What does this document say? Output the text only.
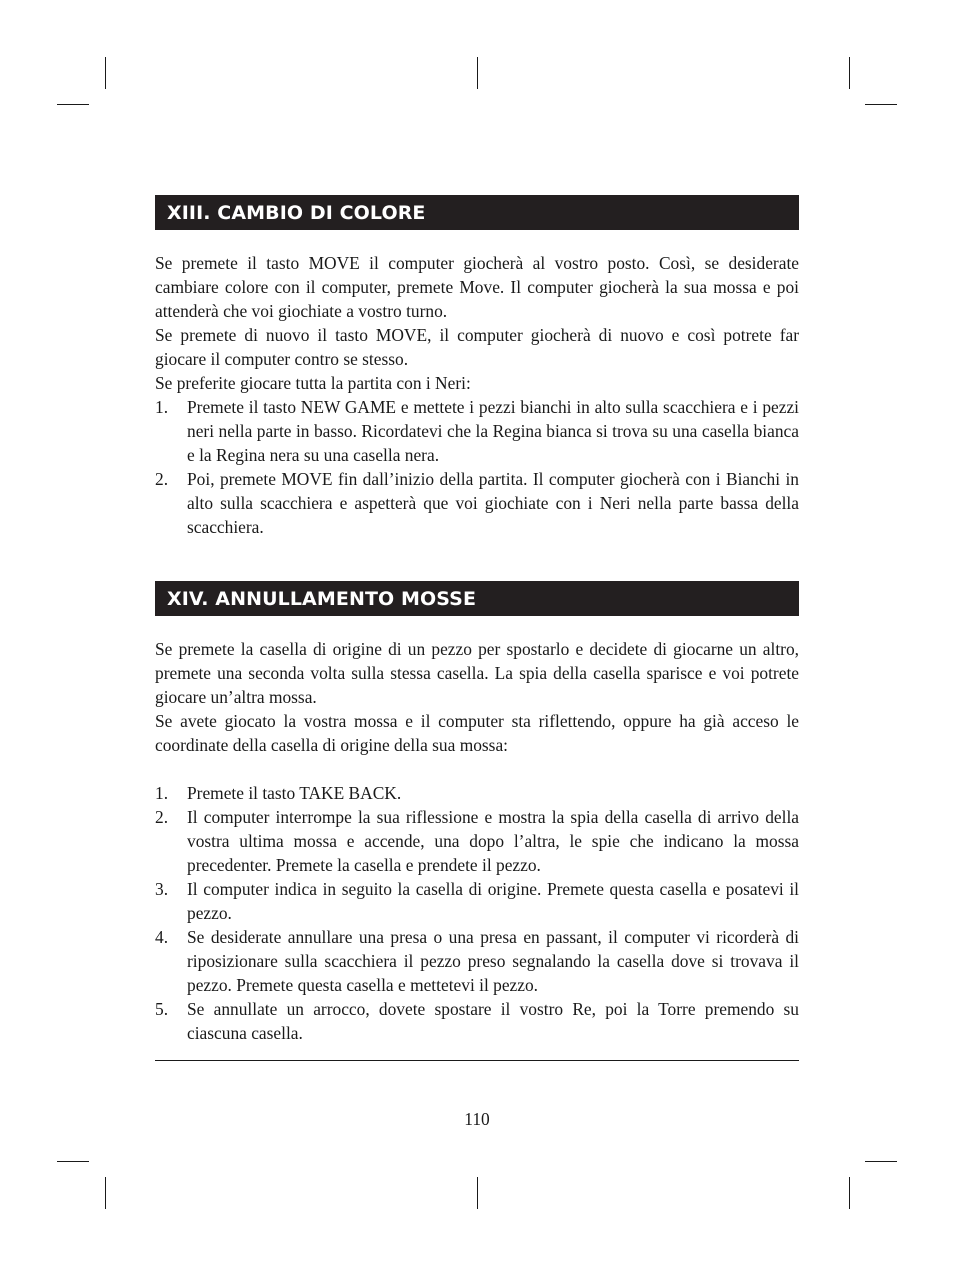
XIII. CAMBIO DI COLORE

Se premete il tasto MOVE il computer giocherà al vostro posto. Così, se desiderate cambiare colore con il computer, premete Move. Il computer giocherà la sua mossa e poi attenderà che voi giochiate a vostro turno.

Se premete di nuovo il tasto MOVE, il computer giocherà di nuovo e così potrete far giocare il computer contro se stesso.

Se preferite giocare tutta la partita con i Neri:

1. Premete il tasto NEW GAME e mettete i pezzi bianchi in alto sulla scacchiera e i pezzi neri nella parte in basso. Ricordatevi che la Regina bianca si trova su una casella bianca e la Regina nera su una casella nera.
2. Poi, premete MOVE fin dall’inizio della partita. Il computer giocherà con i Bianchi in alto sulla scacchiera e aspetterà que voi giochiate con i Neri nella parte bassa della scacchiera.
XIV. ANNULLAMENTO MOSSE

Se premete la casella di origine di un pezzo per spostarlo e decidete di giocarne un altro, premete una seconda volta sulla stessa casella. La spia della casella sparisce e voi potrete giocare un’altra mossa.

Se avete giocato la vostra mossa e il computer sta riflettendo, oppure ha già acceso le coordinate della casella di origine della sua mossa:

1. Premete il tasto TAKE BACK.
2. Il computer interrompe la sua riflessione e mostra la spia della casella di arrivo della vostra ultima mossa e accende, una dopo l’altra, le spie che indicano la mossa precedenter. Premete la casella e prendete il pezzo.
3. Il computer indica in seguito la casella di origine. Premete questa casella e posatevi il pezzo.
4. Se desiderate annullare una presa o una presa en passant, il computer vi ricorderà di riposizionare sulla scacchiera il pezzo preso segnalando la casella dove si trovava il pezzo. Premete questa casella e mettetevi il pezzo.
5. Se annullate un arrocco, dovete spostare il vostro Re, poi la Torre premendo su ciascuna casella.
110
